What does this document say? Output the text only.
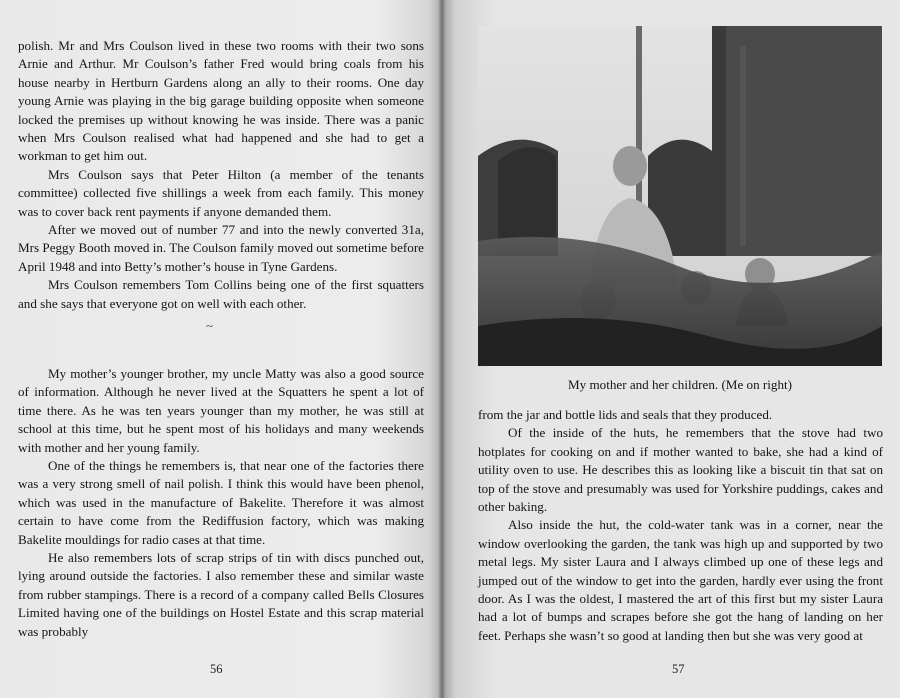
polish. Mr and Mrs Coulson lived in these two rooms with their two sons Arnie and Arthur. Mr Coulson’s father Fred would bring coals from his house nearby in Hertburn Gardens along an ally to their rooms. One day young Arnie was playing in the big garage building opposite when someone locked the premises up without knowing he was inside. There was a panic when Mrs Coulson realised what had happened and she had to get a workman to get him out.

Mrs Coulson says that Peter Hilton (a member of the tenants committee) collected five shillings a week from each family. This money was to cover back rent payments if anyone demanded them.

After we moved out of number 77 and into the newly converted 31a, Mrs Peggy Booth moved in. The Coulson family moved out sometime before April 1948 and into Betty’s mother’s house in Tyne Gardens.

Mrs Coulson remembers Tom Collins being one of the first squatters and she says that everyone got on well with each other.

~

My mother’s younger brother, my uncle Matty was also a good source of information. Although he never lived at the Squatters he spent a lot of time there. As he was ten years younger than my mother, he was still at school at this time, but he spent most of his holidays and many weekends with mother and her young family.

One of the things he remembers is, that near one of the factories there was a very strong smell of nail polish. I think this would have been phenol, which was used in the manufacture of Bakelite. Therefore it was almost certain to have come from the Rediffusion factory, which was making Bakelite mouldings for radio cases at that time.

He also remembers lots of scrap strips of tin with discs punched out, lying around outside the factories. I also remember these and similar waste from rubber stampings. There is a record of a company called Bells Closures Limited having one of the buildings on Hostel Estate and this scrap material was probably

56
My mother and her children. (Me on right)

from the jar and bottle lids and seals that they produced.

Of the inside of the huts, he remembers that the stove had two hotplates for cooking on and if mother wanted to bake, she had a kind of utility oven to use. He describes this as looking like a biscuit tin that sat on top of the stove and presumably was used for Yorkshire puddings, cakes and other baking.

Also inside the hut, the cold-water tank was in a corner, near the window overlooking the garden, the tank was high up and supported by two metal legs. My sister Laura and I always climbed up one of these legs and jumped out of the window to get into the garden, hardly ever using the front door. As I was the oldest, I mastered the art of this first but my sister Laura had a lot of bumps and scrapes before she got the hang of landing on her feet. Perhaps she wasn’t so good at landing then but she was very good at

57
